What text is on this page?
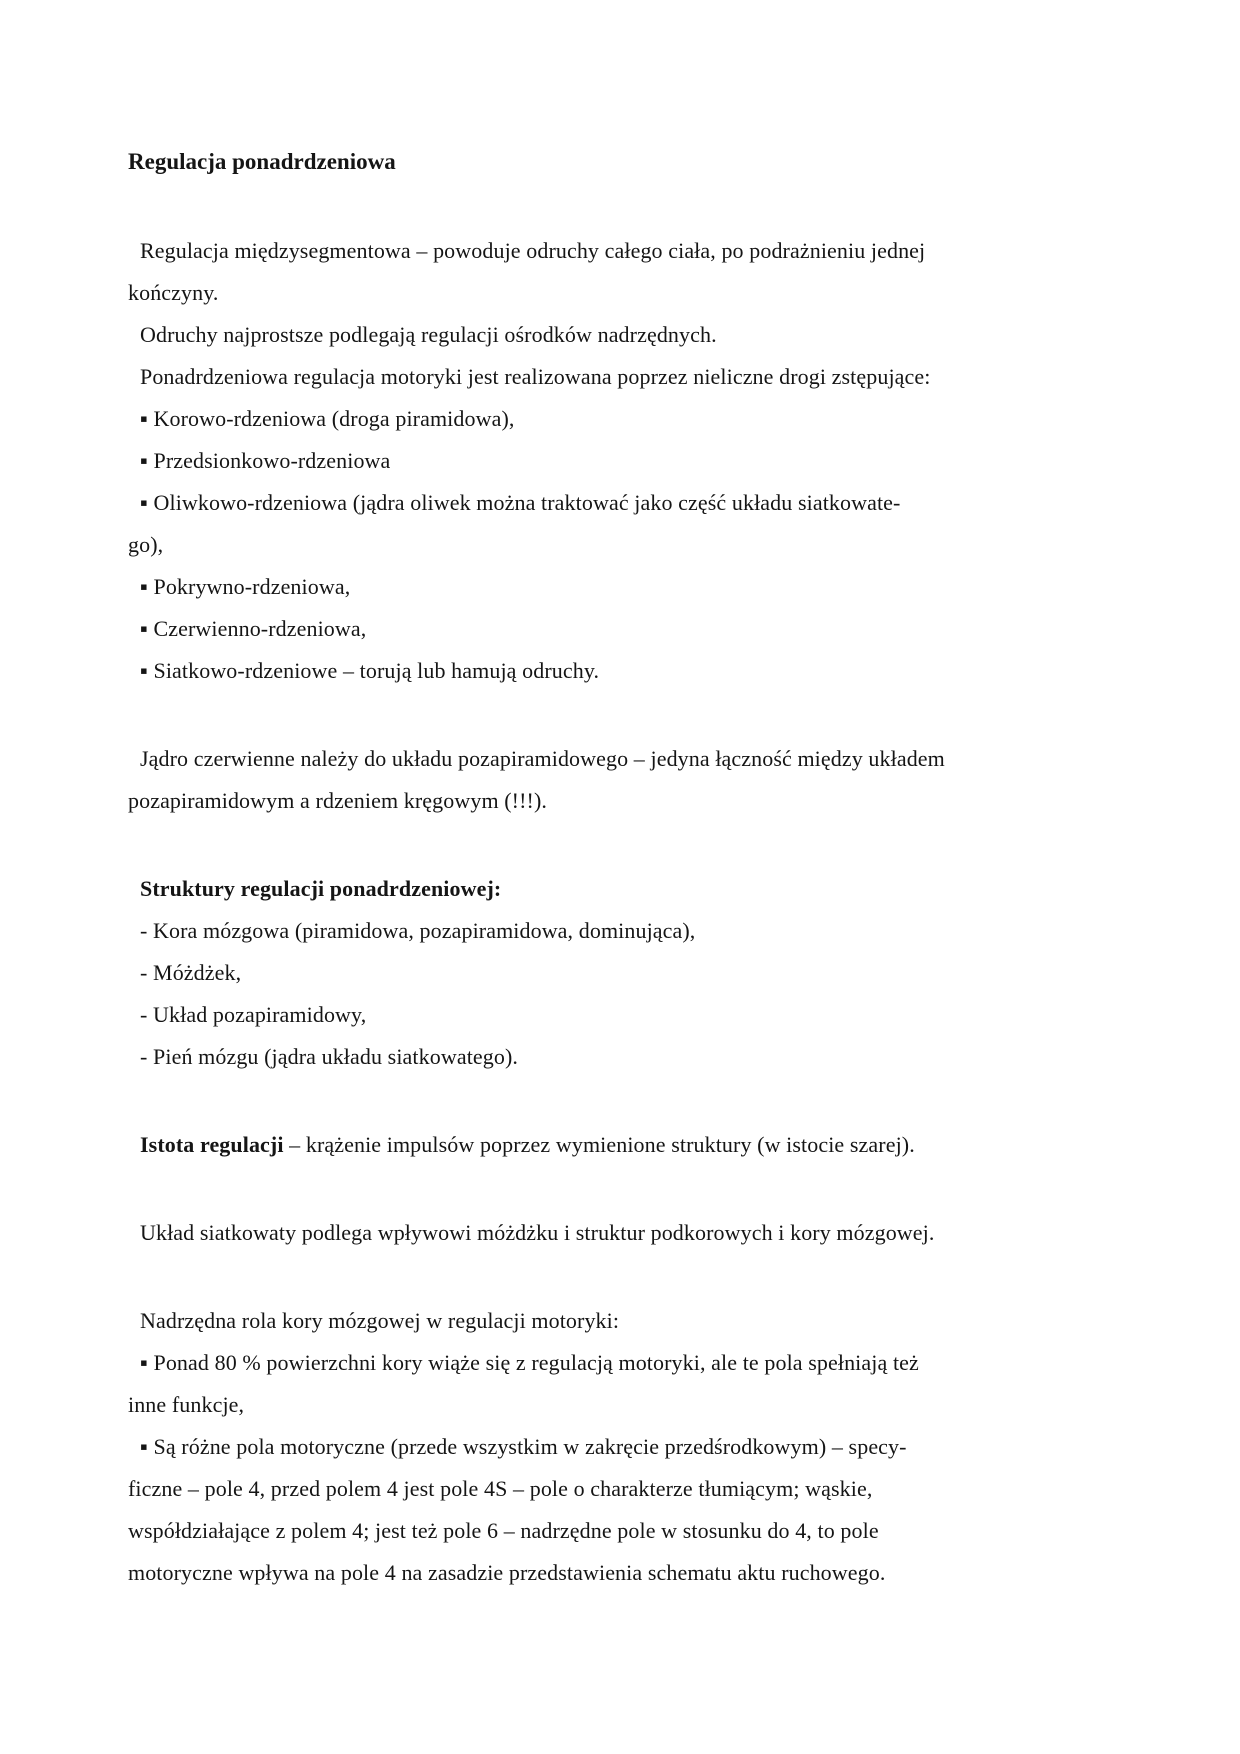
Regulacja ponadrdzeniowa
Regulacja międzysegmentowa – powoduje odruchy całego ciała, po podrażnieniu jednej
kończyny.
Odruchy najprostsze podlegają regulacji ośrodków nadrzędnych.
Ponadrdzeniowa regulacja motoryki jest realizowana poprzez nieliczne drogi zstępujące:
▪ Korowo-rdzeniowa (droga piramidowa),
▪ Przedsionkowo-rdzeniowa
▪ Oliwkowo-rdzeniowa (jądra oliwek można traktować jako część układu siatkowate-
go),
▪ Pokrywno-rdzeniowa,
▪ Czerwienno-rdzeniowa,
▪ Siatkowo-rdzeniowe – torują lub hamują odruchy.
Jądro czerwienne należy do układu pozapiramidowego – jedyna łączność między układem
pozapiramidowym a rdzeniem kręgowym (!!!).
Struktury regulacji ponadrdzeniowej:
- Kora mózgowa (piramidowa, pozapiramidowa, dominująca),
- Móżdżek,
- Układ pozapiramidowy,
- Pień mózgu (jądra układu siatkowatego).
Istota regulacji – krążenie impulsów poprzez wymienione struktury (w istocie szarej).
Układ siatkowaty podlega wpływowi móżdżku i struktur podkorowych i kory mózgowej.
Nadrzędna rola kory mózgowej w regulacji motoryki:
▪ Ponad 80 % powierzchni kory wiąże się z regulacją motoryki, ale te pola spełniają też
inne funkcje,
▪ Są różne pola motoryczne (przede wszystkim w zakręcie przedśrodkowym) – specy-
ficzne – pole 4, przed polem 4 jest pole 4S – pole o charakterze tłumiącym; wąskie,
współdziałające z polem 4; jest też pole 6 – nadrzędne pole w stosunku do 4, to pole
motoryczne wpływa na pole 4 na zasadzie przedstawienia schematu aktu ruchowego.
